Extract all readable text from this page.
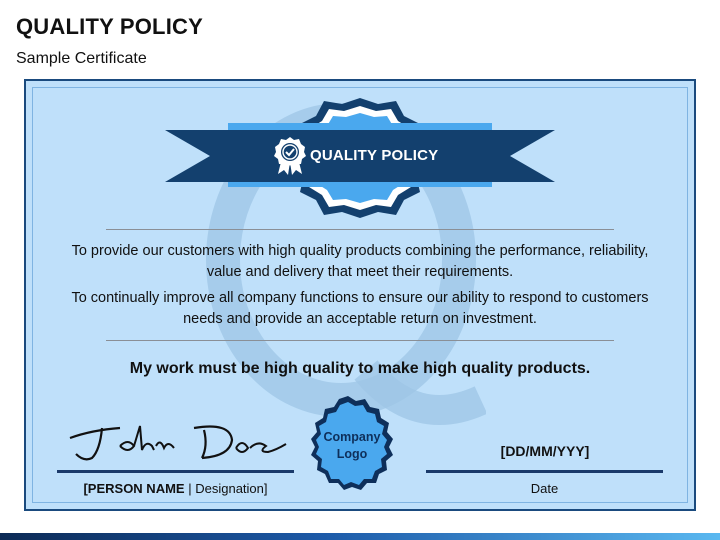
QUALITY POLICY
Sample Certificate
QUALITY POLICY
To provide our customers with high quality products combining the performance, reliability, value and delivery that meet their requirements.
To continually improve all company functions to ensure our ability to respond to customers needs and provide an acceptable return on investment.
My work must be high quality to make high quality products.
[PERSON NAME | Designation]
[DD/MM/YYY]
Date
Company
Logo
